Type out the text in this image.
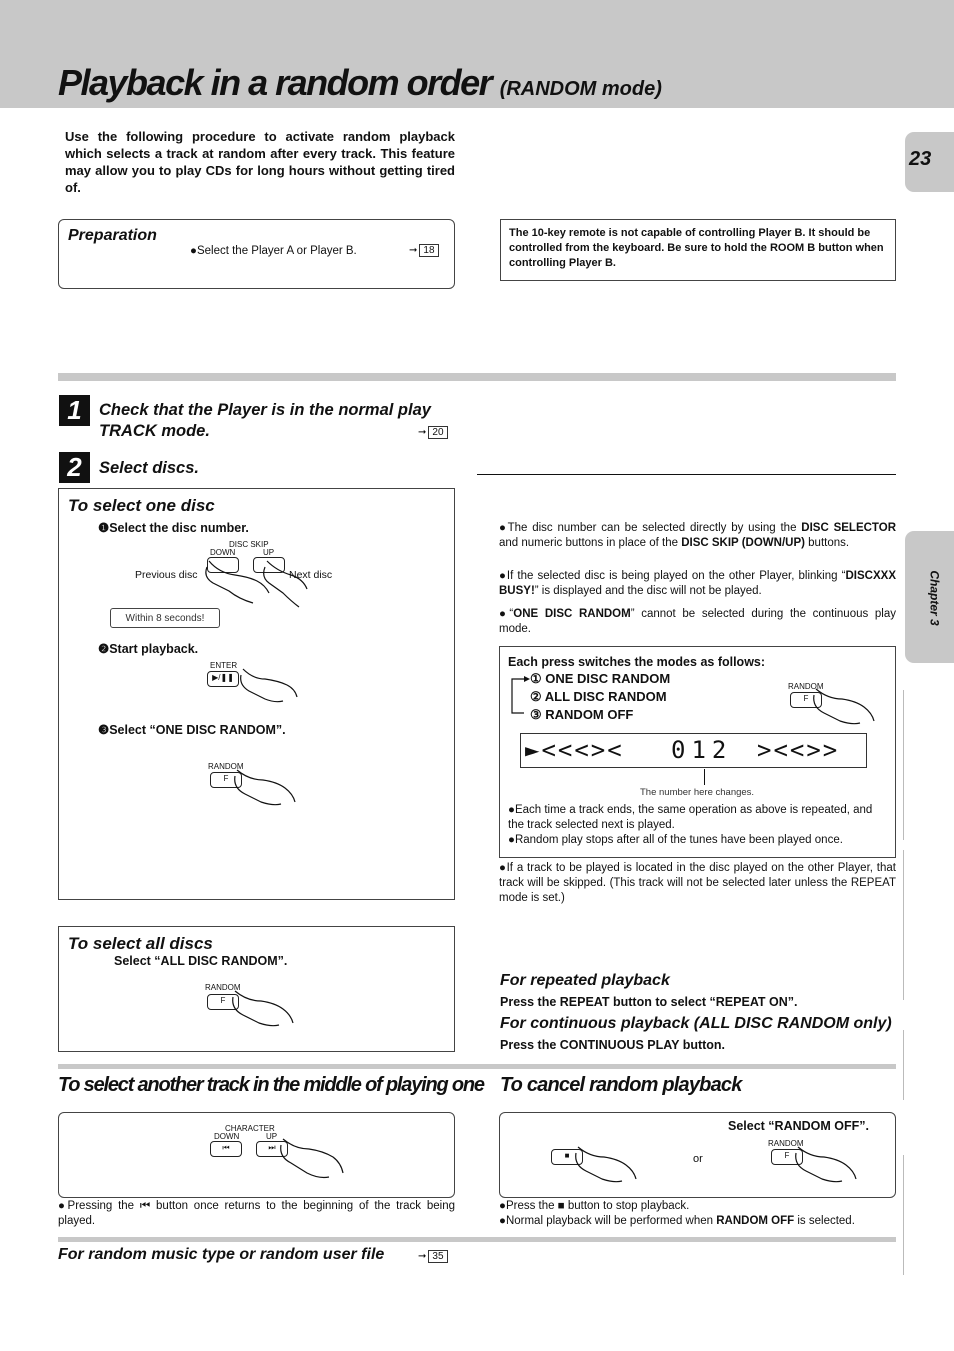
Playback in a random order (RANDOM mode)
23
Chapter 3
Use the following procedure to activate random playback which selects a track at random after every track. This feature may allow you to play CDs for long hours without getting tired of.
Preparation
●Select the Player A or Player B.	➞ 18
The 10-key remote is not capable of controlling Player B. It should be controlled from the keyboard. Be sure to hold the ROOM B button when controlling Player B.
1	Check that the Player is in the normal play
TRACK mode.	➞ 20
2	Select discs.
To select one disc
❶Select the disc number.
DISC SKIP
DOWN	UP
Previous disc	Next disc
Within 8 seconds!
❷Start playback.
ENTER
▶/❚❚
❸Select “ONE DISC RANDOM”.
RANDOM
F
●The disc number can be selected directly by using the DISC SELECTOR and numeric buttons in place of the DISC SKIP (DOWN/UP) buttons.
●If the selected disc is being played on the other Player, blinking “DISCXXX BUSY!” is displayed and the disc will not be played.
●“ONE DISC RANDOM” cannot be selected during the continuous play mode.
Each press switches the modes as follows:
① ONE DISC RANDOM
② ALL DISC RANDOM
③ RANDOM OFF
RANDOM
F
►<<<>< 012 ><<>>
The number here changes.
●Each time a track ends, the same operation as above is repeated, and the track selected next is played.
●Random play stops after all of the tunes have been played once.
●If a track to be played is located in the disc played on the other Player, that track will be skipped. (This track will not be selected later unless the REPEAT mode is set.)
To select all discs
Select “ALL DISC RANDOM”.
RANDOM
F
For repeated playback
Press the REPEAT button to select “REPEAT ON”.
For continuous playback (ALL DISC RANDOM only)
Press the CONTINUOUS PLAY button.
To select another track in the middle of playing one
CHARACTER
DOWN	UP
⏮	⏭
●Pressing the ⏮ button once returns to the beginning of the track being played.
To cancel random playback
Select “RANDOM OFF”.
■	or
RANDOM
F
●Press the ■ button to stop playback.
●Normal playback will be performed when RANDOM OFF is selected.
For random music type or random user file	➞ 35
